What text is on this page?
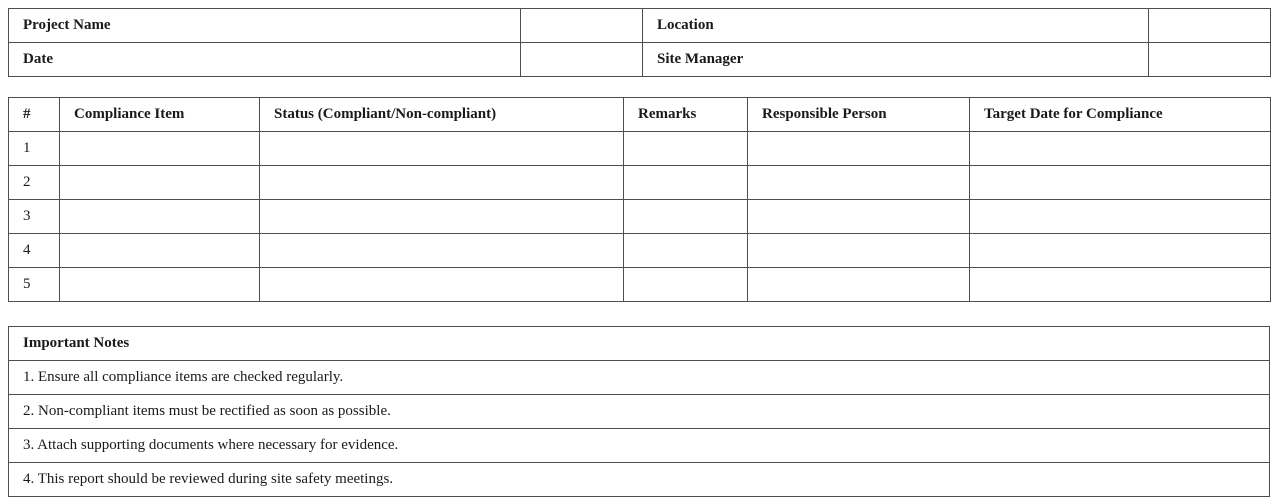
Project Name		Location	
Date		Site Manager	
#	Compliance Item	Status (Compliant/Non-compliant)	Remarks	Responsible Person	Target Date for Compliance
1					
2					
3					
4					
5					
Important Notes
1. Ensure all compliance items are checked regularly.
2. Non-compliant items must be rectified as soon as possible.
3. Attach supporting documents where necessary for evidence.
4. This report should be reviewed during site safety meetings.
